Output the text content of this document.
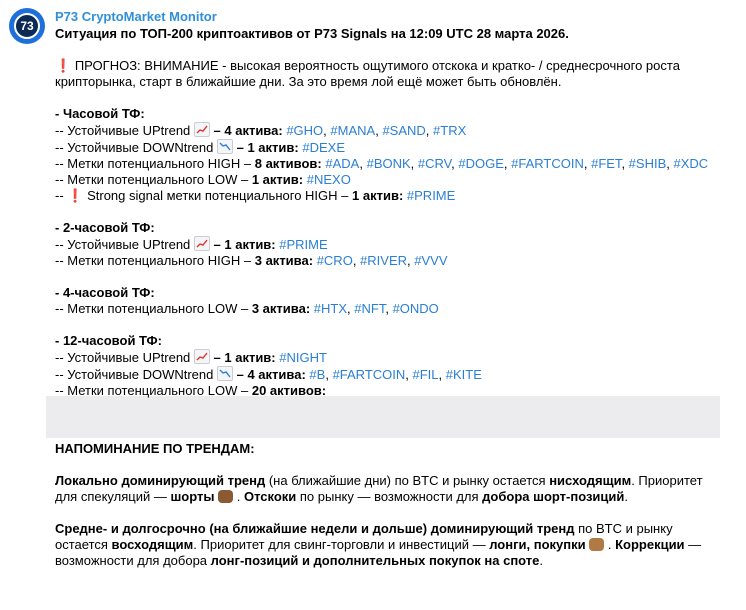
73
P73 CryptoMarket Monitor
Ситуация по ТОП-200 криптоактивов от P73 Signals на 12:09 UTC 28 марта 2026.
❗ ПРОГНОЗ: ВНИМАНИЕ - высокая вероятность ощутимого отскока и кратко- / среднесрочного роста крипторынка, старт в ближайшие дни. За это время лой ещё может быть обновлён.
- Часовой ТФ:
-- Устойчивые UPtrend – 4 актива: #GHO, #MANA, #SAND, #TRX
-- Устойчивые DOWNtrend – 1 актив: #DEXE
-- Метки потенциального HIGH – 8 активов: #ADA, #BONK, #CRV, #DOGE, #FARTCOIN, #FET, #SHIB, #XDC
-- Метки потенциального LOW – 1 актив: #NEXO
-- ❗ Strong signal метки потенциального HIGH – 1 актив: #PRIME
- 2-часовой ТФ:
-- Устойчивые UPtrend – 1 актив: #PRIME
-- Метки потенциального HIGH – 3 актива: #CRO, #RIVER, #VVV
- 4-часовой ТФ:
-- Метки потенциального LOW – 3 актива: #HTX, #NFT, #ONDO
- 12-часовой ТФ:
-- Устойчивые UPtrend – 1 актив: #NIGHT
-- Устойчивые DOWNtrend – 4 актива: #B, #FARTCOIN, #FIL, #KITE
-- Метки потенциального LOW – 20 активов:
НАПОМИНАНИЕ ПО ТРЕНДАМ:
Локально доминирующий тренд (на ближайшие дни) по BTC и рынку остается нисходящим. Приоритет для спекуляций — шорты  . Отскоки по рынку — возможности для добора шорт-позиций.
Средне- и долгосрочно (на ближайшие недели и дольше) доминирующий тренд по BTC и рынку остается восходящим. Приоритет для свинг-торговли и инвестиций — лонги, покупки  . Коррекции — возможности для добора лонг-позиций и дополнительных покупок на споте.
